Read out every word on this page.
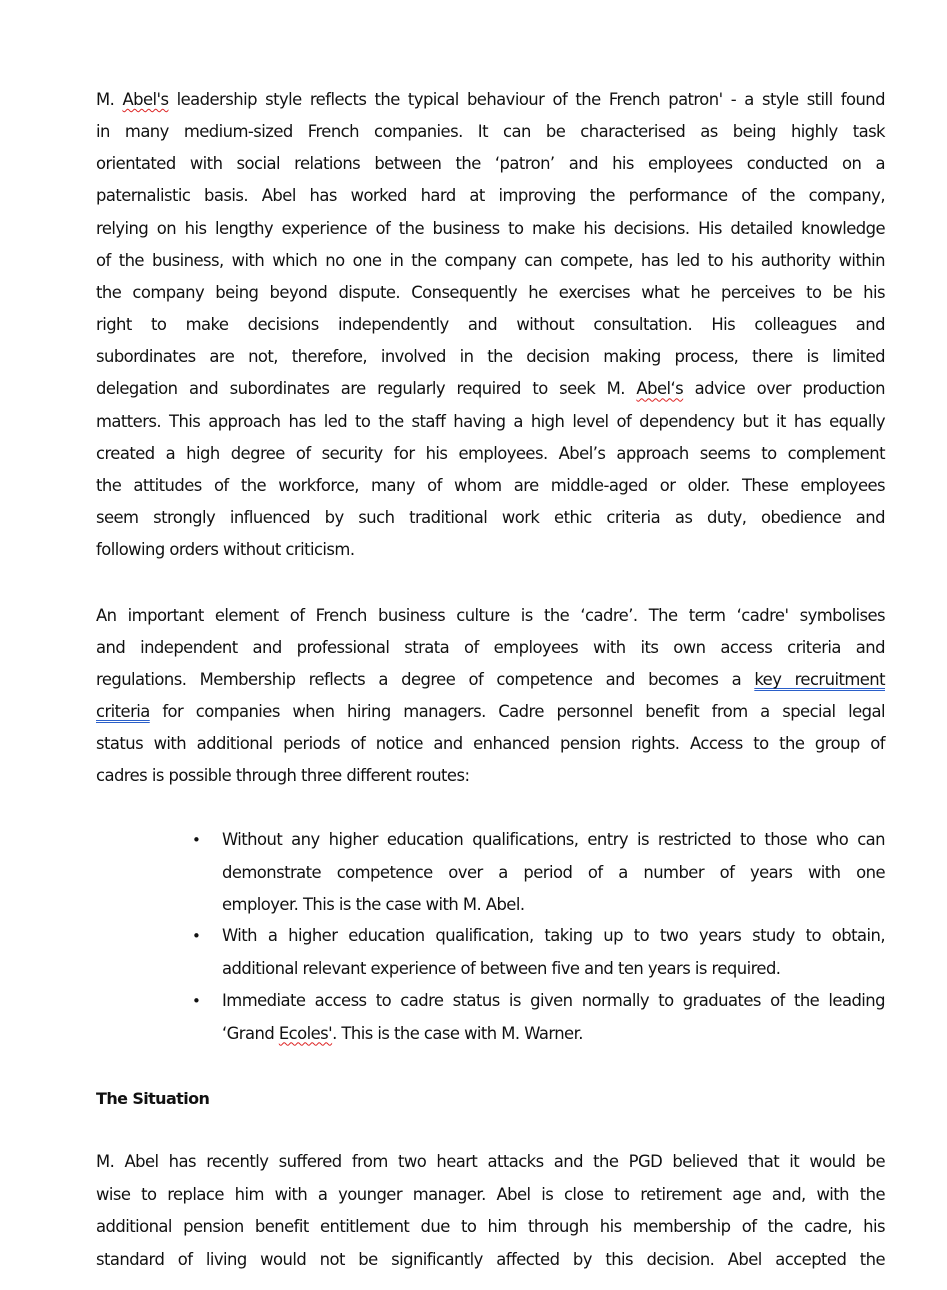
M. Abel's leadership style reflects the typical behaviour of the French patron' - a style still found
in many medium-sized French companies. It can be characterised as being highly task
orientated with social relations between the ‘patron’ and his employees conducted on a
paternalistic basis. Abel has worked hard at improving the performance of the company,
relying on his lengthy experience of the business to make his decisions. His detailed knowledge
of the business, with which no one in the company can compete, has led to his authority within
the company being beyond dispute. Consequently he exercises what he perceives to be his
right to make decisions independently and without consultation. His colleagues and
subordinates are not, therefore, involved in the decision making process, there is limited
delegation and subordinates are regularly required to seek M. Abel‘s advice over production
matters. This approach has led to the staff having a high level of dependency but it has equally
created a high degree of security for his employees. Abel’s approach seems to complement
the attitudes of the workforce, many of whom are middle-aged or older. These employees
seem strongly influenced by such traditional work ethic criteria as duty, obedience and
following orders without criticism.
An important element of French business culture is the ‘cadre’. The term ‘cadre' symbolises
and independent and professional strata of employees with its own access criteria and
regulations. Membership reflects a degree of competence and becomes a key recruitment
criteria for companies when hiring managers. Cadre personnel benefit from a special legal
status with additional periods of notice and enhanced pension rights. Access to the group of
cadres is possible through three different routes:
• Without any higher education qualifications, entry is restricted to those who can
demonstrate competence over a period of a number of years with one
employer. This is the case with M. Abel.
• With a higher education qualification, taking up to two years study to obtain,
additional relevant experience of between five and ten years is required.
• Immediate access to cadre status is given normally to graduates of the leading
‘Grand Ecoles'. This is the case with M. Warner.
The Situation
M. Abel has recently suffered from two heart attacks and the PGD believed that it would be
wise to replace him with a younger manager. Abel is close to retirement age and, with the
additional pension benefit entitlement due to him through his membership of the cadre, his
standard of living would not be significantly affected by this decision. Abel accepted the
